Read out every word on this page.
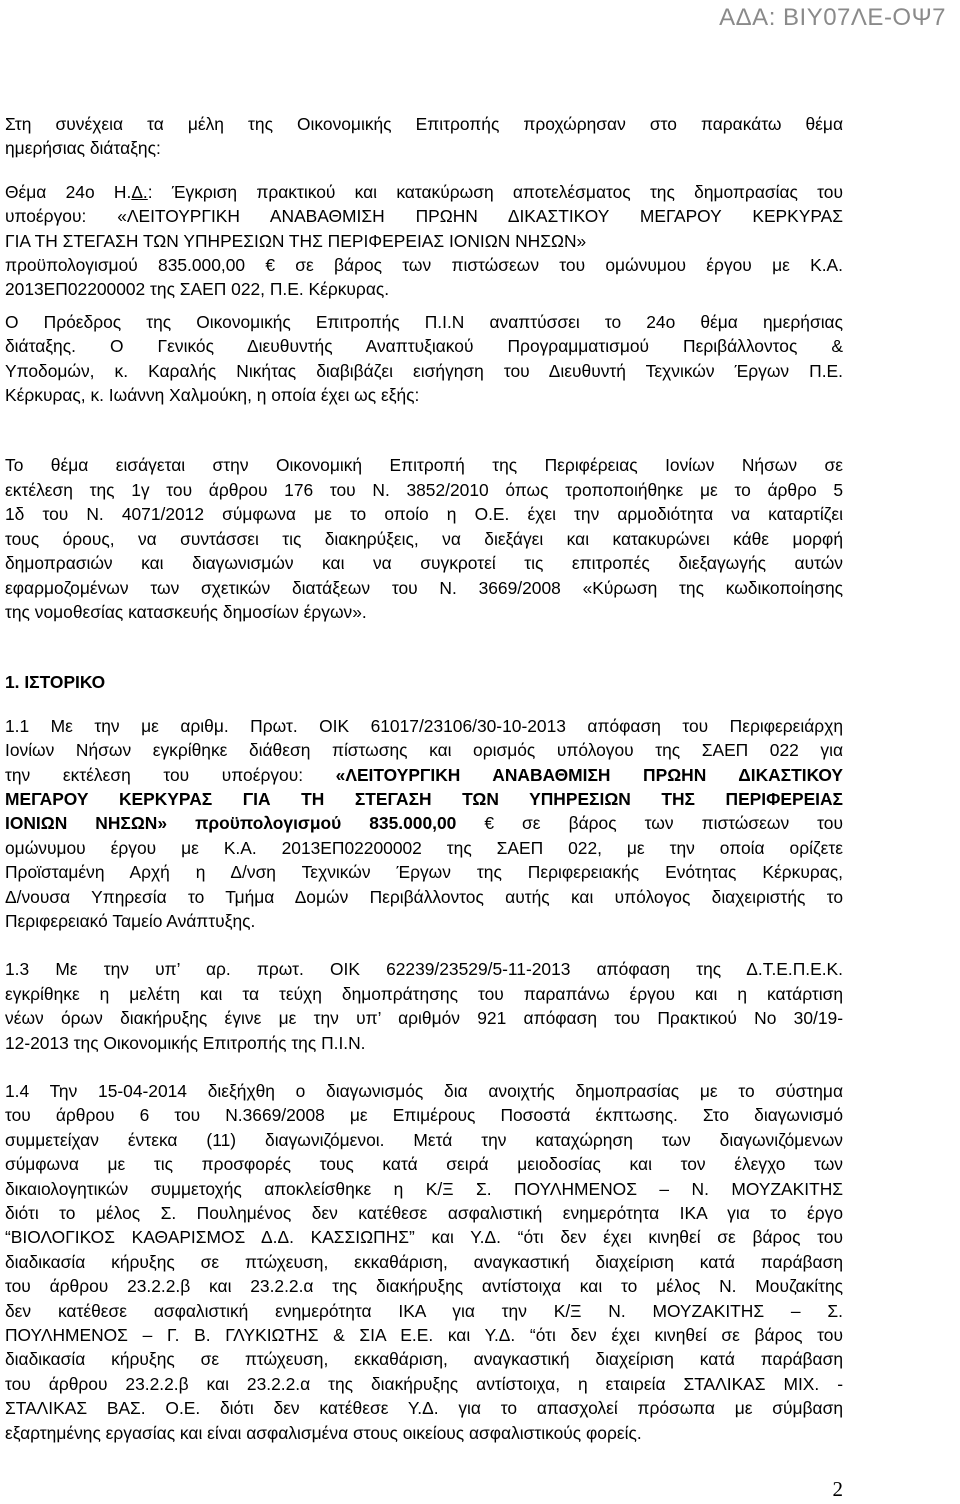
ΑΔΑ: ΒΙΥ07ΛΕ-ΟΨ7

Στη συνέχεια τα μέλη της Οικονομικής Επιτροπής προχώρησαν στο παρακάτω θέμα

ημερήσιας διάταξης:

Θέμα 24ο Η.Δ.: Έγκριση πρακτικού και κατακύρωση αποτελέσματος της δημοπρασίας του

υποέργου: «ΛΕΙΤΟΥΡΓΙΚΗ ΑΝΑΒΑΘΜΙΣΗ ΠΡΩΗΝ ΔΙΚΑΣΤΙΚΟΥ ΜΕΓΑΡΟΥ ΚΕΡΚΥΡΑΣ

ΓΙΑ ΤΗ ΣΤΕΓΑΣΗ ΤΩΝ ΥΠΗΡΕΣΙΩΝ ΤΗΣ ΠΕΡΙΦΕΡΕΙΑΣ ΙΟΝΙΩΝ ΝΗΣΩΝ»

προϋπολογισμού 835.000,00 € σε βάρος των πιστώσεων του ομώνυμου έργου με Κ.Α.

2013ΕΠ02200002 της ΣΑΕΠ 022, Π.Ε. Κέρκυρας.

Ο Πρόεδρος της Οικονομικής Επιτροπής Π.Ι.Ν αναπτύσσει το 24ο θέμα ημερήσιας

διάταξης. Ο Γενικός Διευθυντής Αναπτυξιακού Προγραμματισμού Περιβάλλοντος &

Υποδομών, κ. Καραλής Νικήτας διαβιβάζει εισήγηση του Διευθυντή Τεχνικών Έργων Π.Ε.

Κέρκυρας, κ. Ιωάννη Χαλμούκη, η οποία έχει ως εξής:

Το θέμα εισάγεται στην Οικονομική Επιτροπή της Περιφέρειας Ιονίων Νήσων σε

εκτέλεση της 1γ του άρθρου 176 του Ν. 3852/2010 όπως τροποποιήθηκε με το άρθρο 5

1δ του Ν. 4071/2012 σύμφωνα με το οποίο η Ο.Ε. έχει την αρμοδιότητα να καταρτίζει

τους όρους, να συντάσσει τις διακηρύξεις, να διεξάγει και κατακυρώνει κάθε μορφή

δημοπρασιών και διαγωνισμών και να συγκροτεί τις επιτροπές διεξαγωγής αυτών

εφαρμοζομένων των σχετικών διατάξεων του Ν. 3669/2008 «Κύρωση της κωδικοποίησης

της νομοθεσίας κατασκευής δημοσίων έργων».

1. ΙΣΤΟΡΙΚΟ

1.1 Με την με αριθμ. Πρωτ. ΟΙΚ 61017/23106/30-10-2013 απόφαση του Περιφερειάρχη

Ιονίων Νήσων εγκρίθηκε διάθεση πίστωσης και ορισμός υπόλογου της ΣΑΕΠ 022 για

την εκτέλεση του υποέργου: «ΛΕΙΤΟΥΡΓΙΚΗ ΑΝΑΒΑΘΜΙΣΗ ΠΡΩΗΝ ΔΙΚΑΣΤΙΚΟΥ

ΜΕΓΑΡΟΥ ΚΕΡΚΥΡΑΣ ΓΙΑ ΤΗ ΣΤΕΓΑΣΗ ΤΩΝ ΥΠΗΡΕΣΙΩΝ ΤΗΣ ΠΕΡΙΦΕΡΕΙΑΣ

ΙΟΝΙΩΝ ΝΗΣΩΝ» προϋπολογισμού 835.000,00 € σε βάρος των πιστώσεων του

ομώνυμου έργου με Κ.Α. 2013ΕΠ02200002 της ΣΑΕΠ 022, με την οποία ορίζετε

Προϊσταμένη Αρχή η Δ/νση Τεχνικών Έργων της Περιφερειακής Ενότητας Κέρκυρας,

Δ/νουσα Υπηρεσία το Τμήμα Δομών Περιβάλλοντος αυτής και υπόλογος διαχειριστής το

Περιφερειακό Ταμείο Ανάπτυξης.

1.3 Με την υπ’ αρ. πρωτ. ΟΙΚ 62239/23529/5-11-2013 απόφαση της Δ.Τ.Ε.Π.Ε.Κ.

εγκρίθηκε η μελέτη και τα τεύχη δημοπράτησης του παραπάνω έργου και η κατάρτιση

νέων όρων διακήρυξης έγινε με την υπ’ αριθμόν 921 απόφαση του Πρακτικού Νο 30/19-

12-2013 της Οικονομικής Επιτροπής της Π.Ι.Ν.

1.4 Την 15-04-2014 διεξήχθη ο διαγωνισμός δια ανοιχτής δημοπρασίας με το σύστημα

του άρθρου 6 του Ν.3669/2008 με Επιμέρους Ποσοστά έκπτωσης. Στο διαγωνισμό

συμμετείχαν έντεκα (11) διαγωνιζόμενοι. Μετά την καταχώρηση των διαγωνιζόμενων

σύμφωνα με τις προσφορές τους κατά σειρά μειοδοσίας και τον έλεγχο των

δικαιολογητικών συμμετοχής αποκλείσθηκε η Κ/Ξ Σ. ΠΟΥΛΗΜΕΝΟΣ – Ν. ΜΟΥΖΑΚΙΤΗΣ

διότι το μέλος Σ. Πουλημένος δεν κατέθεσε ασφαλιστική ενημερότητα ΙΚΑ για το έργο

“ΒΙΟΛΟΓΙΚΟΣ ΚΑΘΑΡΙΣΜΟΣ Δ.Δ. ΚΑΣΣΙΩΠΗΣ” και Υ.Δ. “ότι δεν έχει κινηθεί σε βάρος του

διαδικασία κήρυξης σε πτώχευση, εκκαθάριση, αναγκαστική διαχείριση κατά παράβαση

του άρθρου 23.2.2.β και 23.2.2.α της διακήρυξης αντίστοιχα και το μέλος Ν. Μουζακίτης

δεν κατέθεσε ασφαλιστική ενημερότητα ΙΚΑ για την Κ/Ξ Ν. ΜΟΥΖΑΚΙΤΗΣ – Σ.

ΠΟΥΛΗΜΕΝΟΣ – Γ. Β. ΓΛΥΚΙΩΤΗΣ & ΣΙΑ Ε.Ε. και Υ.Δ. “ότι δεν έχει κινηθεί σε βάρος του

διαδικασία κήρυξης σε πτώχευση, εκκαθάριση, αναγκαστική διαχείριση κατά παράβαση

του άρθρου 23.2.2.β και 23.2.2.α της διακήρυξης αντίστοιχα, η εταιρεία ΣΤΑΛΙΚΑΣ ΜΙΧ. -

ΣΤΑΛΙΚΑΣ ΒΑΣ. Ο.Ε. διότι δεν κατέθεσε Υ.Δ. για το απασχολεί πρόσωπα με σύμβαση

εξαρτημένης εργασίας και είναι ασφαλισμένα στους οικείους ασφαλιστικούς φορείς.

2
